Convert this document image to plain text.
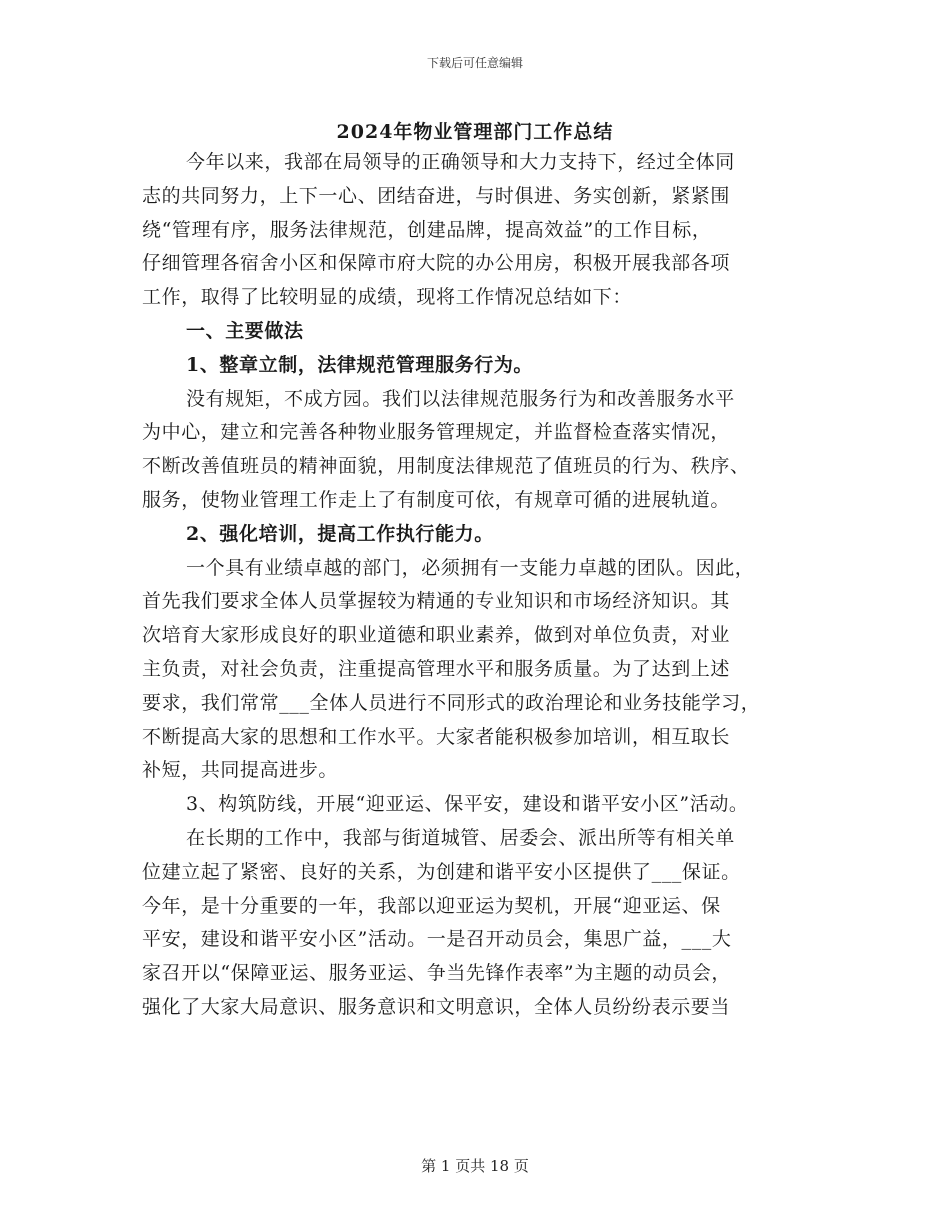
下载后可任意编辑
2024年物业管理部门工作总结
今年以来，我部在局领导的正确领导和大力支持下，经过全体同
志的共同努力，上下一心、团结奋进，与时俱进、务实创新，紧紧围
绕“管理有序，服务法律规范，创建品牌，提高效益”的工作目标，
仔细管理各宿舍小区和保障市府大院的办公用房，积极开展我部各项
工作，取得了比较明显的成绩，现将工作情况总结如下：
一、主要做法
1、整章立制，法律规范管理服务行为。
没有规矩，不成方园。我们以法律规范服务行为和改善服务水平
为中心，建立和完善各种物业服务管理规定，并监督检查落实情况，
不断改善值班员的精神面貌，用制度法律规范了值班员的行为、秩序、
服务，使物业管理工作走上了有制度可依，有规章可循的进展轨道。
2、强化培训，提高工作执行能力。
一个具有业绩卓越的部门，必须拥有一支能力卓越的团队。因此，
首先我们要求全体人员掌握较为精通的专业知识和市场经济知识。其
次培育大家形成良好的职业道德和职业素养，做到对单位负责，对业
主负责，对社会负责，注重提高管理水平和服务质量。为了达到上述
要求，我们常常___全体人员进行不同形式的政治理论和业务技能学习，
不断提高大家的思想和工作水平。大家者能积极参加培训，相互取长
补短，共同提高进步。
3、构筑防线，开展“迎亚运、保平安，建设和谐平安小区”活动。
在长期的工作中，我部与街道城管、居委会、派出所等有相关单
位建立起了紧密、良好的关系，为创建和谐平安小区提供了___保证。
今年，是十分重要的一年，我部以迎亚运为契机，开展“迎亚运、保
平安，建设和谐平安小区”活动。一是召开动员会，集思广益，___大
家召开以“保障亚运、服务亚运、争当先锋作表率”为主题的动员会，
强化了大家大局意识、服务意识和文明意识，全体人员纷纷表示要当
第 1 页共 18 页
